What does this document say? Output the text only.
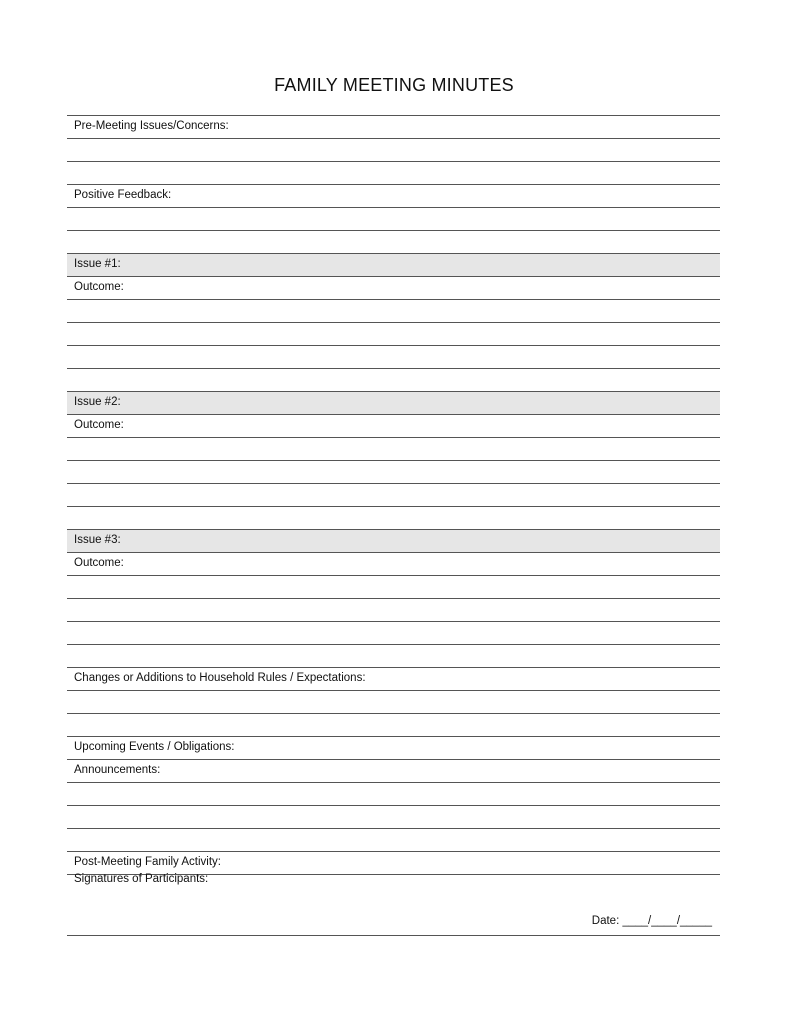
FAMILY MEETING MINUTES
Pre-Meeting Issues/Concerns:
Positive Feedback:
Issue #1:
Outcome:
Issue #2:
Outcome:
Issue #3:
Outcome:
Changes or Additions to Household Rules / Expectations:
Upcoming Events / Obligations:
Announcements:
Post-Meeting Family Activity:
Signatures of Participants:
Date: ____/____/_____
